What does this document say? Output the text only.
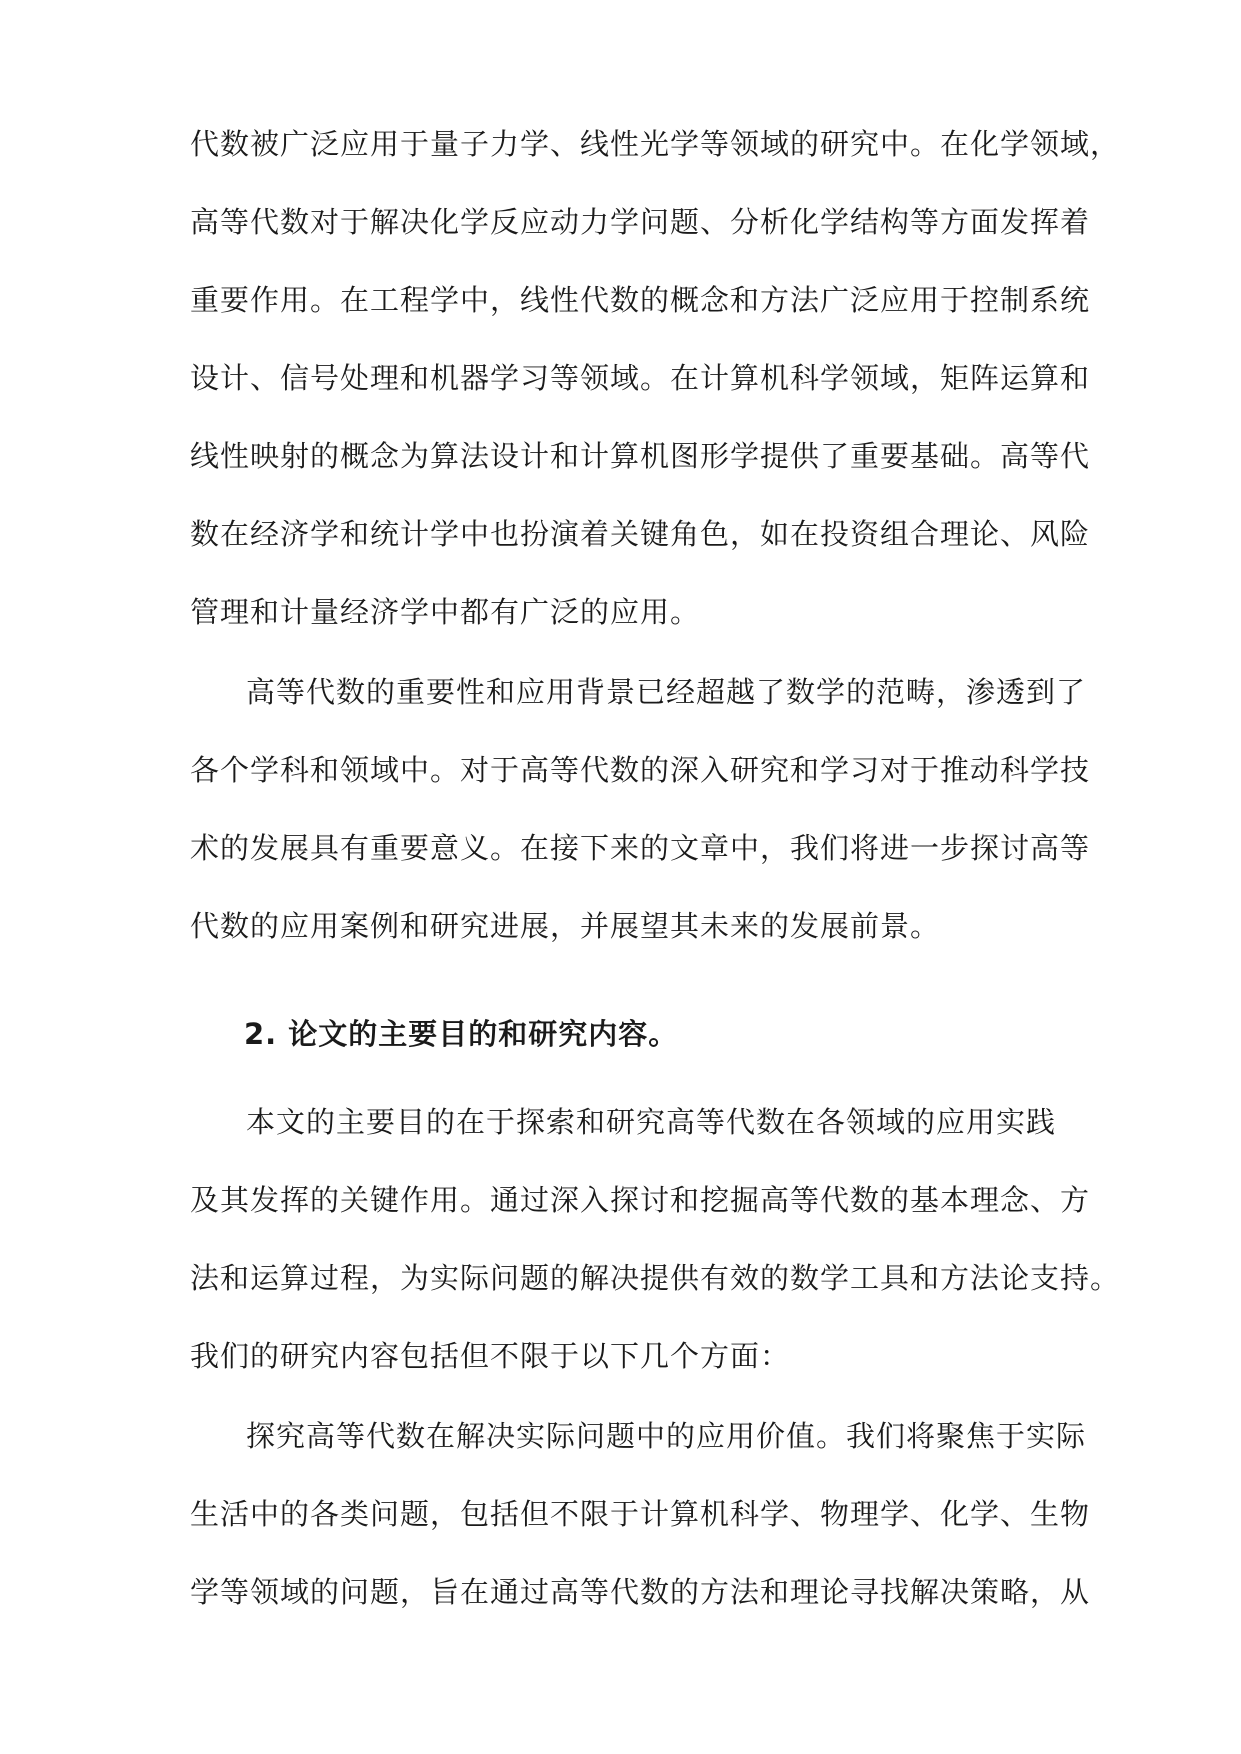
代数被广泛应用于量子力学、线性光学等领域的研究中。在化学领域，
高等代数对于解决化学反应动力学问题、分析化学结构等方面发挥着
重要作用。在工程学中，线性代数的概念和方法广泛应用于控制系统
设计、信号处理和机器学习等领域。在计算机科学领域，矩阵运算和
线性映射的概念为算法设计和计算机图形学提供了重要基础。高等代
数在经济学和统计学中也扮演着关键角色，如在投资组合理论、风险
管理和计量经济学中都有广泛的应用。
高等代数的重要性和应用背景已经超越了数学的范畴，渗透到了
各个学科和领域中。对于高等代数的深入研究和学习对于推动科学技
术的发展具有重要意义。在接下来的文章中，我们将进一步探讨高等
代数的应用案例和研究进展，并展望其未来的发展前景。
2. 论文的主要目的和研究内容。
本文的主要目的在于探索和研究高等代数在各领域的应用实践
及其发挥的关键作用。通过深入探讨和挖掘高等代数的基本理念、方
法和运算过程，为实际问题的解决提供有效的数学工具和方法论支持。
我们的研究内容包括但不限于以下几个方面：
探究高等代数在解决实际问题中的应用价值。我们将聚焦于实际
生活中的各类问题，包括但不限于计算机科学、物理学、化学、生物
学等领域的问题，旨在通过高等代数的方法和理论寻找解决策略，从
